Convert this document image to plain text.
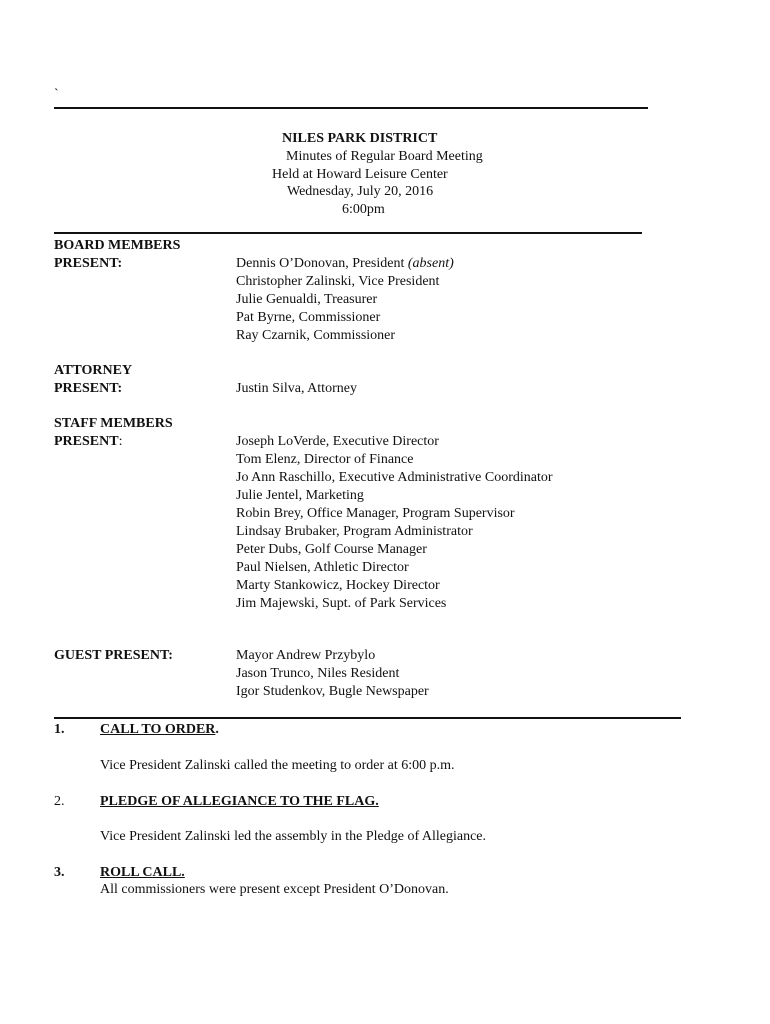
`
NILES PARK DISTRICT
Minutes of Regular Board Meeting
Held at Howard Leisure Center
Wednesday, July 20, 2016
6:00pm
BOARD MEMBERS
PRESENT:	Dennis O’Donovan, President (absent)
Christopher Zalinski, Vice President
Julie Genualdi, Treasurer
Pat Byrne, Commissioner
Ray Czarnik, Commissioner
ATTORNEY
PRESENT:	Justin Silva, Attorney
STAFF MEMBERS
PRESENT:	Joseph LoVerde, Executive Director
Tom Elenz, Director of Finance
Jo Ann Raschillo, Executive Administrative Coordinator
Julie Jentel, Marketing
Robin Brey, Office Manager, Program Supervisor
Lindsay Brubaker, Program Administrator
Peter Dubs, Golf Course Manager
Paul Nielsen, Athletic Director
Marty Stankowicz, Hockey Director
Jim Majewski, Supt. of Park Services
GUEST PRESENT:	Mayor Andrew Przybylo
Jason Trunco, Niles Resident
Igor Studenkov, Bugle Newspaper
1.	CALL TO ORDER.
Vice President Zalinski called the meeting to order at 6:00 p.m.
2.	PLEDGE OF ALLEGIANCE TO THE FLAG.
Vice President Zalinski led the assembly in the Pledge of Allegiance.
3.	ROLL CALL.
All commissioners were present except President O’Donovan.
